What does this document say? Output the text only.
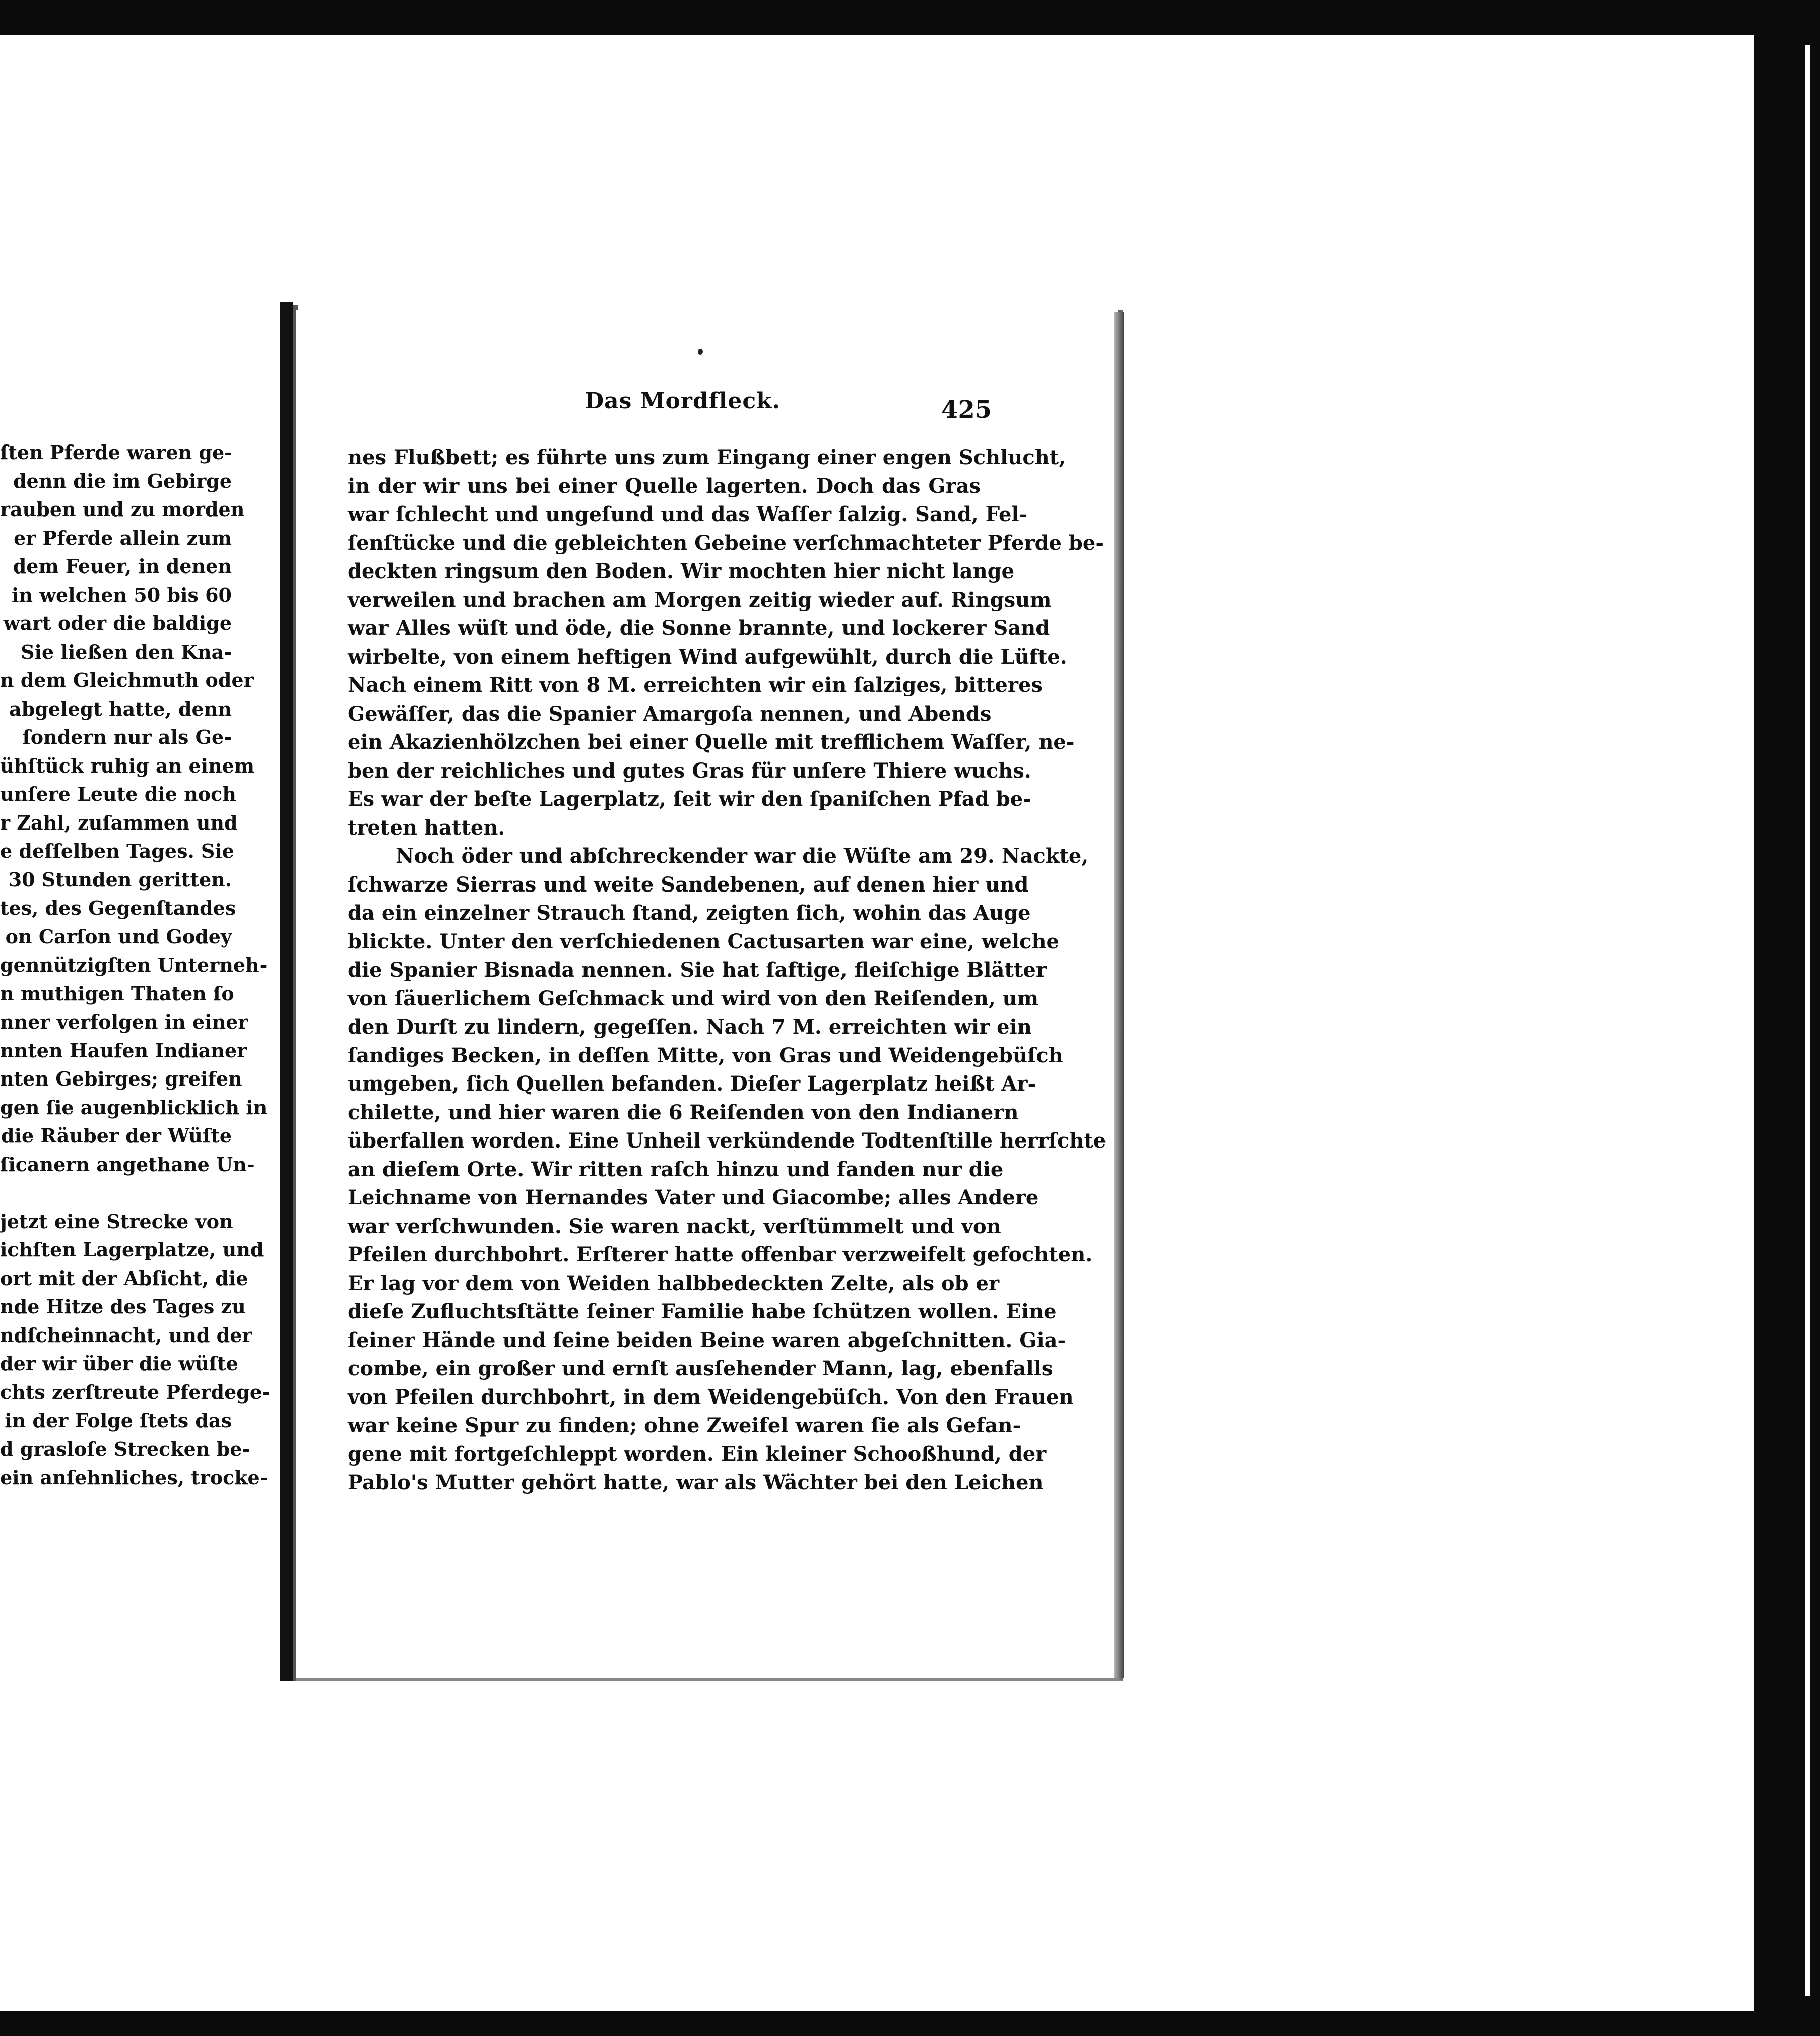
ſten Pferde waren ge-
denn die im Gebirge
rauben und zu morden
er Pferde allein zum
dem Feuer, in denen
in welchen 50 bis 60
wart oder die baldige
Sie ließen den Kna-
n dem Gleichmuth oder
abgelegt hatte, denn
ſondern nur als Ge-
ühſtück ruhig an einem
unſere Leute die noch
r Zahl, zuſammen und
e deſſelben Tages. Sie
30 Stunden geritten.
tes, des Gegenſtandes
on Carſon und Godey
gennützigſten Unterneh-
n muthigen Thaten ſo
nner verfolgen in einer
nnten Haufen Indianer
nten Gebirges; greifen
gen ſie augenblicklich in
die Räuber der Wüſte
ſicanern angethane Un-
jetzt eine Strecke von
ichſten Lagerplatze, und
ort mit der Abſicht, die
nde Hitze des Tages zu
ndſcheinnacht, und der
der wir über die wüſte
chts zerſtreute Pferdege-
in der Folge ſtets das
d grasloſe Strecken be-
ein anſehnliches, trocke-
Das Mordfleck.	425
nes Flußbett; es führte uns zum Eingang einer engen Schlucht,
in der wir uns bei einer Quelle lagerten. Doch das Gras
war ſchlecht und ungeſund und das Waſſer ſalzig. Sand, Fel-
ſenſtücke und die gebleichten Gebeine verſchmachteter Pferde be-
deckten ringsum den Boden. Wir mochten hier nicht lange
verweilen und brachen am Morgen zeitig wieder auf. Ringsum
war Alles wüſt und öde, die Sonne brannte, und lockerer Sand
wirbelte, von einem heftigen Wind aufgewühlt, durch die Lüfte.
Nach einem Ritt von 8 M. erreichten wir ein ſalziges, bitteres
Gewäſſer, das die Spanier Amargoſa nennen, und Abends
ein Akazienhölzchen bei einer Quelle mit trefflichem Waſſer, ne-
ben der reichliches und gutes Gras für unſere Thiere wuchs.
Es war der beſte Lagerplatz, ſeit wir den ſpaniſchen Pfad be-
treten hatten.
Noch öder und abſchreckender war die Wüſte am 29. Nackte,
ſchwarze Sierras und weite Sandebenen, auf denen hier und
da ein einzelner Strauch ſtand, zeigten ſich, wohin das Auge
blickte. Unter den verſchiedenen Cactusarten war eine, welche
die Spanier Bisnada nennen. Sie hat ſaftige, fleiſchige Blätter
von ſäuerlichem Geſchmack und wird von den Reiſenden, um
den Durſt zu lindern, gegeſſen. Nach 7 M. erreichten wir ein
ſandiges Becken, in deſſen Mitte, von Gras und Weidengebüſch
umgeben, ſich Quellen befanden. Dieſer Lagerplatz heißt Ar-
chilette, und hier waren die 6 Reiſenden von den Indianern
überfallen worden. Eine Unheil verkündende Todtenſtille herrſchte
an dieſem Orte. Wir ritten raſch hinzu und fanden nur die
Leichname von Hernandes Vater und Giacombe; alles Andere
war verſchwunden. Sie waren nackt, verſtümmelt und von
Pfeilen durchbohrt. Erſterer hatte offenbar verzweifelt gefochten.
Er lag vor dem von Weiden halbbedeckten Zelte, als ob er
dieſe Zufluchtsſtätte ſeiner Familie habe ſchützen wollen. Eine
ſeiner Hände und ſeine beiden Beine waren abgeſchnitten. Gia-
combe, ein großer und ernſt ausſehender Mann, lag, ebenfalls
von Pfeilen durchbohrt, in dem Weidengebüſch. Von den Frauen
war keine Spur zu finden; ohne Zweifel waren ſie als Gefan-
gene mit fortgeſchleppt worden. Ein kleiner Schooßhund, der
Pablo's Mutter gehört hatte, war als Wächter bei den Leichen
